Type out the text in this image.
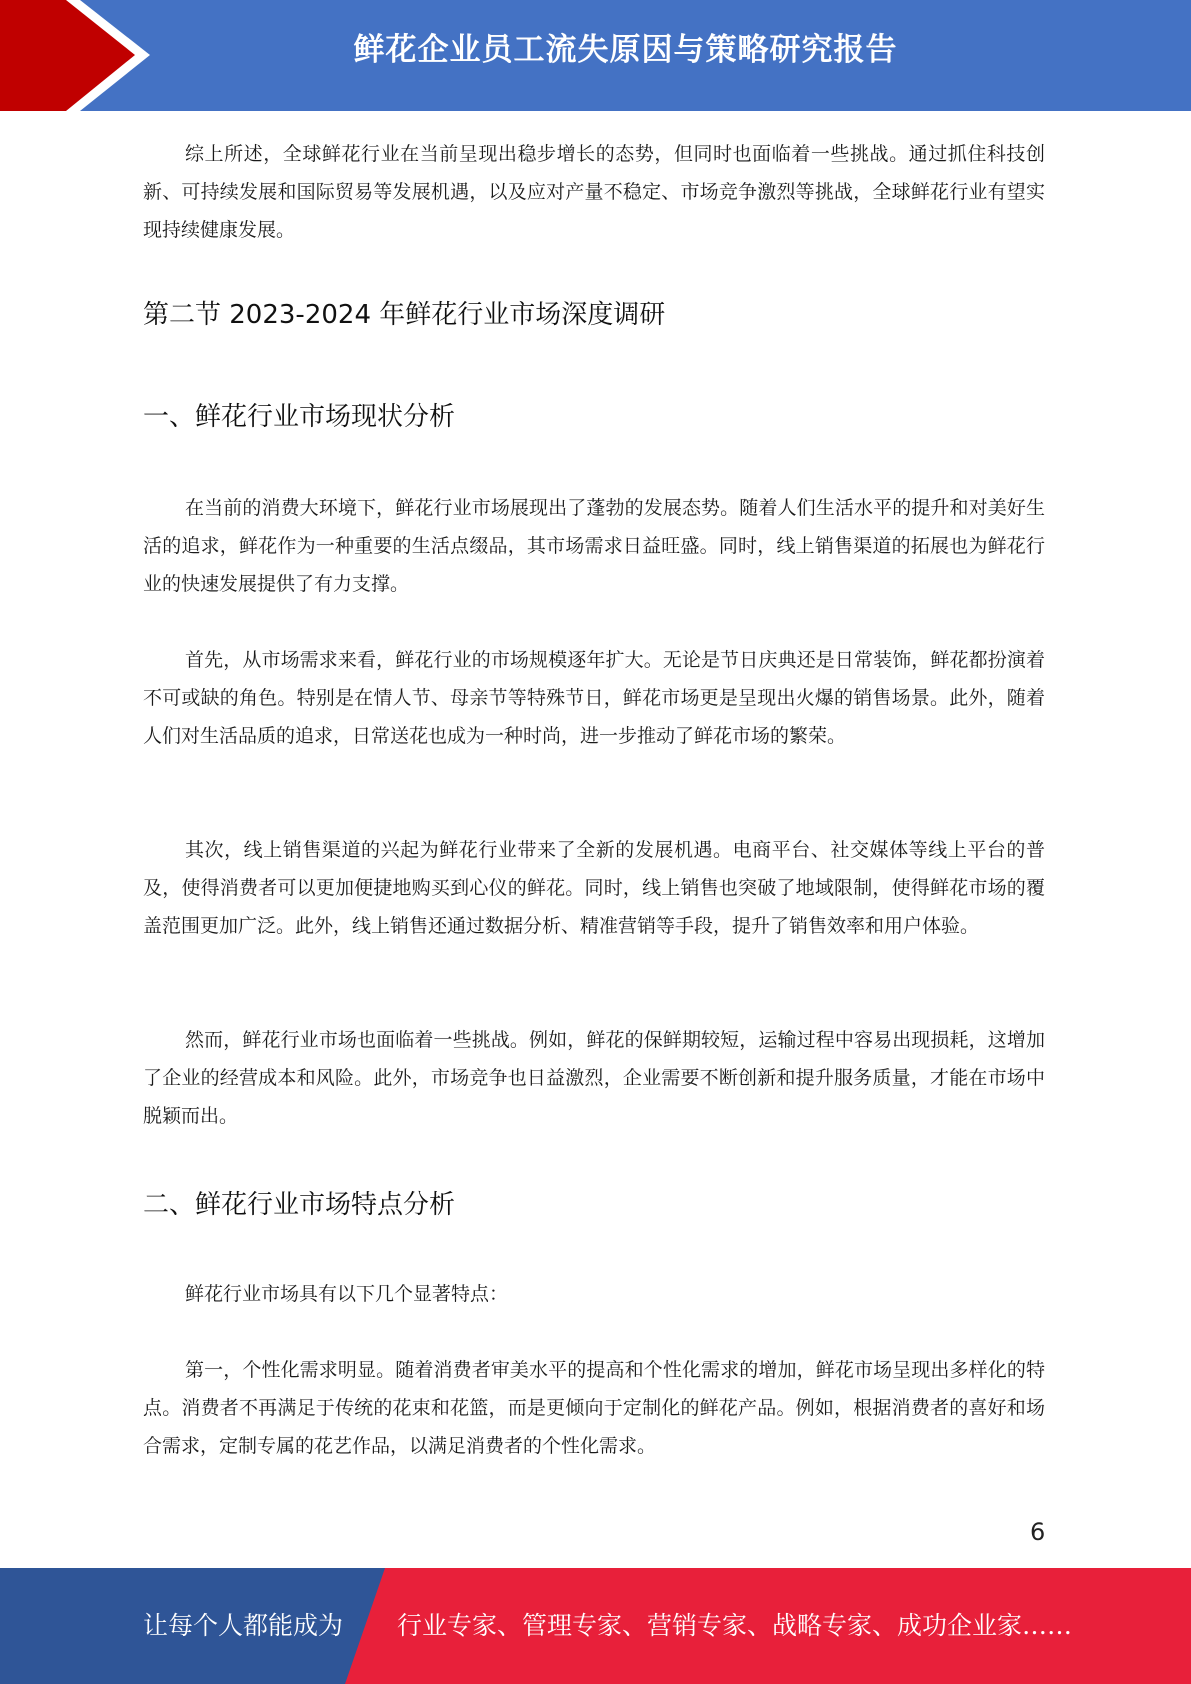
鲜花企业员工流失原因与策略研究报告

综上所述，全球鲜花行业在当前呈现出稳步增长的态势，但同时也面临着一些挑战。通过抓住科技创新、可持续发展和国际贸易等发展机遇，以及应对产量不稳定、市场竞争激烈等挑战，全球鲜花行业有望实现持续健康发展。

第二节 2023-2024 年鲜花行业市场深度调研
一、鲜花行业市场现状分析

在当前的消费大环境下，鲜花行业市场展现出了蓬勃的发展态势。随着人们生活水平的提升和对美好生活的追求，鲜花作为一种重要的生活点缀品，其市场需求日益旺盛。同时，线上销售渠道的拓展也为鲜花行业的快速发展提供了有力支撑。

首先，从市场需求来看，鲜花行业的市场规模逐年扩大。无论是节日庆典还是日常装饰，鲜花都扮演着不可或缺的角色。特别是在情人节、母亲节等特殊节日，鲜花市场更是呈现出火爆的销售场景。此外，随着人们对生活品质的追求，日常送花也成为一种时尚，进一步推动了鲜花市场的繁荣。

其次，线上销售渠道的兴起为鲜花行业带来了全新的发展机遇。电商平台、社交媒体等线上平台的普及，使得消费者可以更加便捷地购买到心仪的鲜花。同时，线上销售也突破了地域限制，使得鲜花市场的覆盖范围更加广泛。此外，线上销售还通过数据分析、精准营销等手段，提升了销售效率和用户体验。

然而，鲜花行业市场也面临着一些挑战。例如，鲜花的保鲜期较短，运输过程中容易出现损耗，这增加了企业的经营成本和风险。此外，市场竞争也日益激烈，企业需要不断创新和提升服务质量，才能在市场中脱颖而出。

二、鲜花行业市场特点分析

鲜花行业市场具有以下几个显著特点：

第一，个性化需求明显。随着消费者审美水平的提高和个性化需求的增加，鲜花市场呈现出多样化的特点。消费者不再满足于传统的花束和花篮，而是更倾向于定制化的鲜花产品。例如，根据消费者的喜好和场合需求，定制专属的花艺作品，以满足消费者的个性化需求。

6
让每个人都能成为 行业专家、管理专家、营销专家、战略专家、成功企业家……
